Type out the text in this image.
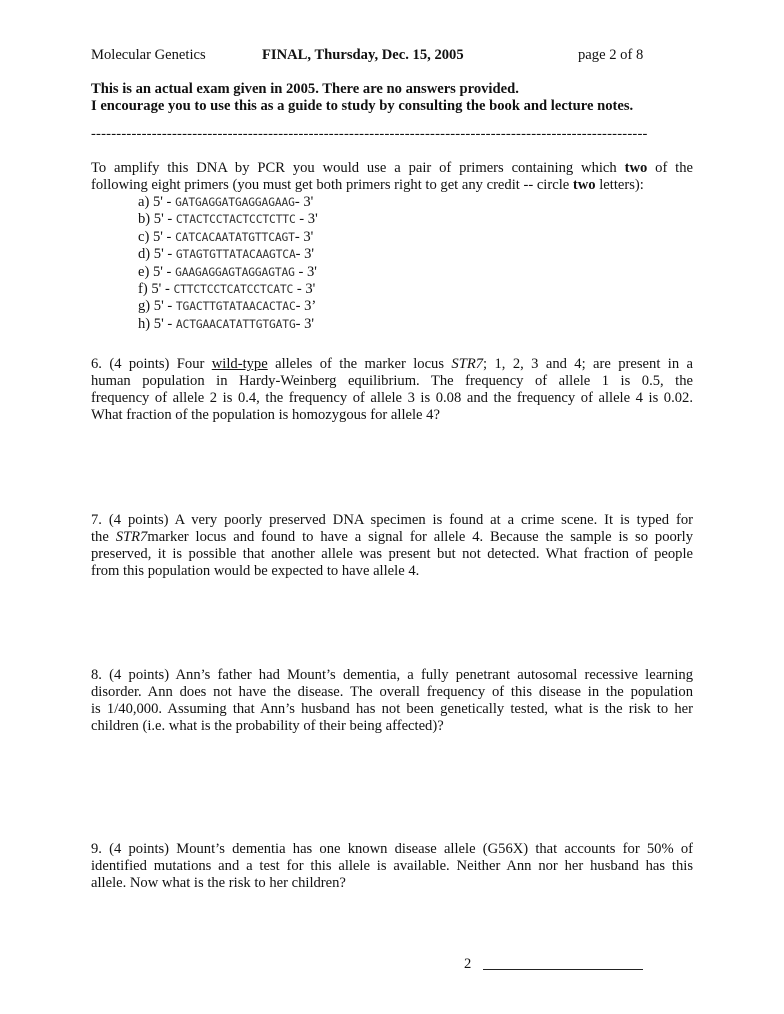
Molecular Genetics	FINAL, Thursday, Dec. 15, 2005	page 2 of 8
This is an actual exam given in 2005. There are no answers provided.
I encourage you to use this as a guide to study by consulting the book and lecture notes.
--------------------------------------------------------------------------------------------------------------
To amplify this DNA by PCR you would use a pair of primers containing which two of the
following eight primers (you must get both primers right to get any credit -- circle two letters):
a) 5' - GATGAGGATGAGGAGAAG- 3'
b) 5' - CTACTCCTACTCCTCTTC - 3'
c) 5' - CATCACAATATGTTCAGT- 3'
d) 5' - GTAGTGTTATACAAGTCA- 3'
e) 5' - GAAGAGGAGTAGGAGTAG - 3'
f) 5' - CTTCTCCTCATCCTCATC - 3'
g) 5' - TGACTTGTATAACACTAC- 3’
h) 5' - ACTGAACATATTGTGATG- 3'
6. (4 points) Four wild-type alleles of the marker locus STR7; 1, 2, 3 and 4; are present in a
human population in Hardy-Weinberg equilibrium. The frequency of allele 1 is 0.5, the
frequency of allele 2 is 0.4, the frequency of allele 3 is 0.08 and the frequency of allele 4 is 0.02.
What fraction of the population is homozygous for allele 4?
7. (4 points) A very poorly preserved DNA specimen is found at a crime scene. It is typed for
the STR7marker locus and found to have a signal for allele 4. Because the sample is so poorly
preserved, it is possible that another allele was present but not detected. What fraction of people
from this population would be expected to have allele 4.
8. (4 points) Ann’s father had Mount’s dementia, a fully penetrant autosomal recessive learning
disorder. Ann does not have the disease. The overall frequency of this disease in the population
is 1/40,000. Assuming that Ann’s husband has not been genetically tested, what is the risk to her
children (i.e. what is the probability of their being affected)?
9. (4 points) Mount’s dementia has one known disease allele (G56X) that accounts for 50% of
identified mutations and a test for this allele is available. Neither Ann nor her husband has this
allele. Now what is the risk to her children?
2
